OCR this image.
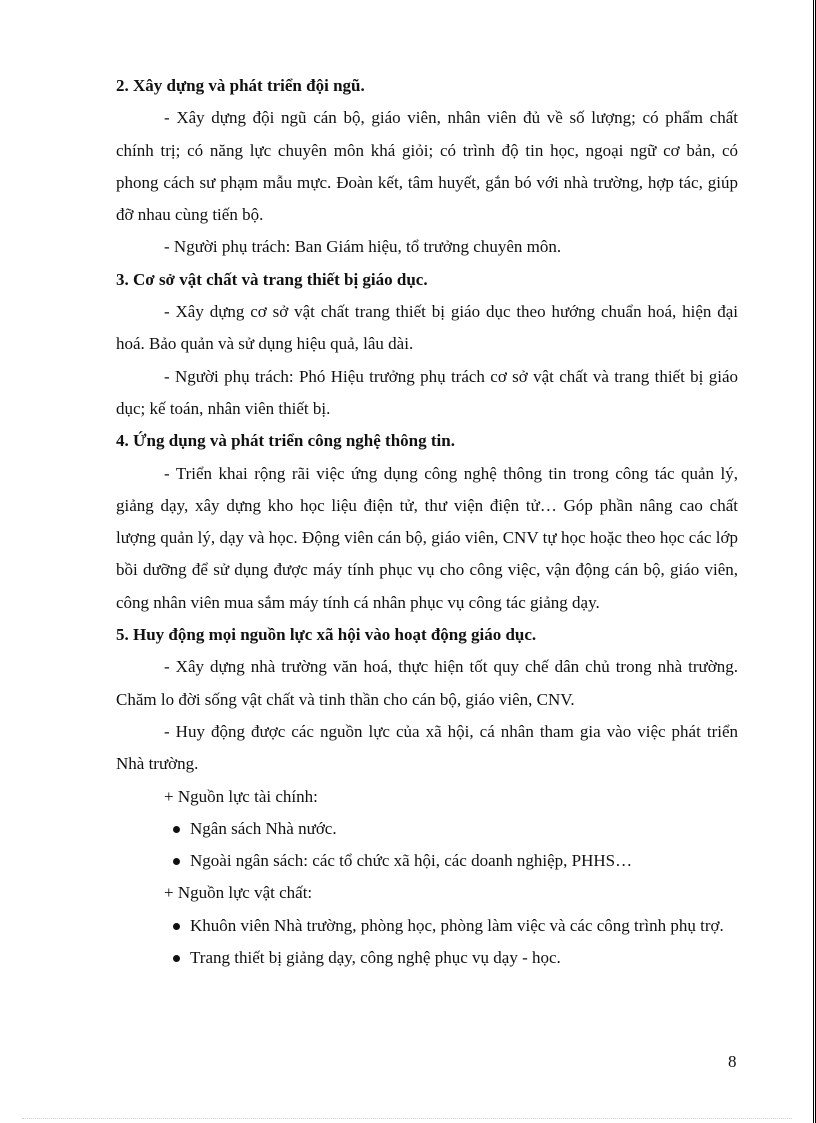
2. Xây dựng và phát triển đội ngũ.

- Xây dựng đội ngũ cán bộ, giáo viên, nhân viên đủ về số lượng; có phẩm chất chính trị; có năng lực chuyên môn khá giỏi; có trình độ tin học, ngoại ngữ cơ bản, có phong cách sư phạm mẫu mực. Đoàn kết, tâm huyết, gắn bó với nhà trường, hợp tác, giúp đỡ nhau cùng tiến bộ.

- Người phụ trách: Ban Giám hiệu, tổ trưởng chuyên môn.

3. Cơ sở vật chất và trang thiết bị giáo dục.

- Xây dựng cơ sở vật chất trang thiết bị giáo dục theo hướng chuẩn hoá, hiện đại hoá. Bảo quản và sử dụng hiệu quả, lâu dài.

- Người phụ trách: Phó Hiệu trưởng phụ trách cơ sở vật chất và trang thiết bị giáo dục; kế toán, nhân viên thiết bị.

4. Ứng dụng và phát triển công nghệ thông tin.

- Triển khai rộng rãi việc ứng dụng công nghệ thông tin trong công tác quản lý, giảng dạy, xây dựng kho học liệu điện tử, thư viện điện tử… Góp phần nâng cao chất lượng quản lý, dạy và học. Động viên cán bộ, giáo viên, CNV tự học hoặc theo học các lớp bồi dưỡng để sử dụng được máy tính phục vụ cho công việc, vận động cán bộ, giáo viên, công nhân viên mua sắm máy tính cá nhân phục vụ công tác giảng dạy.

5. Huy động mọi nguồn lực xã hội vào hoạt động giáo dục.

- Xây dựng nhà trường văn hoá, thực hiện tốt quy chế dân chủ trong nhà trường. Chăm lo đời sống vật chất và tinh thần cho cán bộ, giáo viên, CNV.

- Huy động được các nguồn lực của xã hội, cá nhân tham gia vào việc phát triển Nhà trường.

+ Nguồn lực tài chính:

Ngân sách Nhà nước.

Ngoài ngân sách: các tổ chức xã hội, các doanh nghiệp, PHHS…

+ Nguồn lực vật chất:

Khuôn viên Nhà trường, phòng học, phòng làm việc và các công trình phụ trợ.

Trang thiết bị giảng dạy, công nghệ phục vụ dạy - học.

8
